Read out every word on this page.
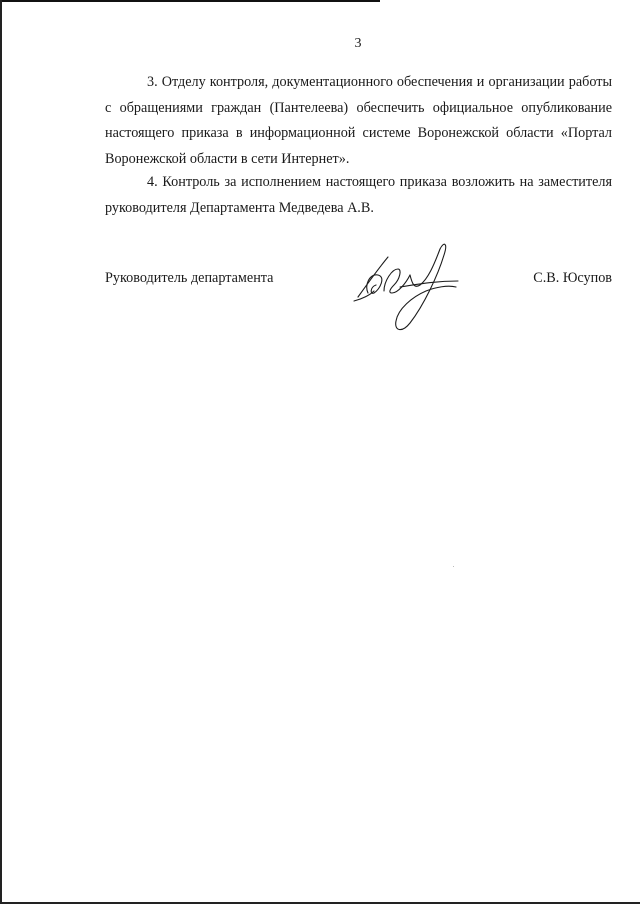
3

3. Отделу контроля, документационного обеспечения и организации работы с обращениями граждан (Пантелеева) обеспечить официальное опубликование настоящего приказа в информационной системе Воронежской области «Портал Воронежской области в сети Интернет».

4. Контроль за исполнением настоящего приказа возложить на заместителя руководителя Департамента Медведева А.В.

Руководитель департамента	С.В. Юсупов
